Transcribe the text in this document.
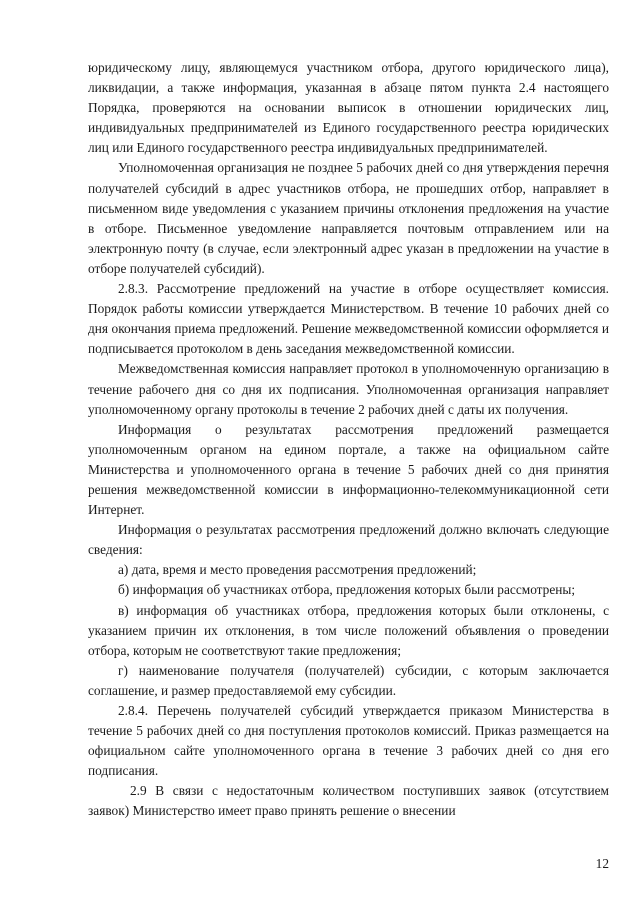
юридическому лицу, являющемуся участником отбора, другого юридического лица), ликвидации, а также информация, указанная в абзаце пятом пункта 2.4 настоящего Порядка, проверяются на основании выписок в отношении юридических лиц, индивидуальных предпринимателей из Единого государственного реестра юридических лиц или Единого государственного реестра индивидуальных предпринимателей.

Уполномоченная организация не позднее 5 рабочих дней со дня утверждения перечня получателей субсидий в адрес участников отбора, не прошедших отбор, направляет в письменном виде уведомления с указанием причины отклонения предложения на участие в отборе. Письменное уведомление направляется почтовым отправлением или на электронную почту (в случае, если электронный адрес указан в предложении на участие в отборе получателей субсидий).

2.8.3. Рассмотрение предложений на участие в отборе осуществляет комиссия. Порядок работы комиссии утверждается Министерством. В течение 10 рабочих дней со дня окончания приема предложений. Решение межведомственной комиссии оформляется и подписывается протоколом в день заседания межведомственной комиссии.

Межведомственная комиссия направляет протокол в уполномоченную организацию в течение рабочего дня со дня их подписания. Уполномоченная организация направляет уполномоченному органу протоколы в течение 2 рабочих дней с даты их получения.

Информация о результатах рассмотрения предложений размещается уполномоченным органом на едином портале, а также на официальном сайте Министерства и уполномоченного органа в течение 5 рабочих дней со дня принятия решения межведомственной комиссии в информационно-телекоммуникационной сети Интернет.

Информация о результатах рассмотрения предложений должно включать следующие сведения:

а) дата, время и место проведения рассмотрения предложений;

б) информация об участниках отбора, предложения которых были рассмотрены;

в) информация об участниках отбора, предложения которых были отклонены, с указанием причин их отклонения, в том числе положений объявления о проведении отбора, которым не соответствуют такие предложения;

г) наименование получателя (получателей) субсидии, с которым заключается соглашение, и размер предоставляемой ему субсидии.

2.8.4. Перечень получателей субсидий утверждается приказом Министерства в течение 5 рабочих дней со дня поступления протоколов комиссий. Приказ размещается на официальном сайте уполномоченного органа в течение 3 рабочих дней со дня его подписания.

2.9 В связи с недостаточным количеством поступивших заявок (отсутствием заявок) Министерство имеет право принять решение о внесении

12
